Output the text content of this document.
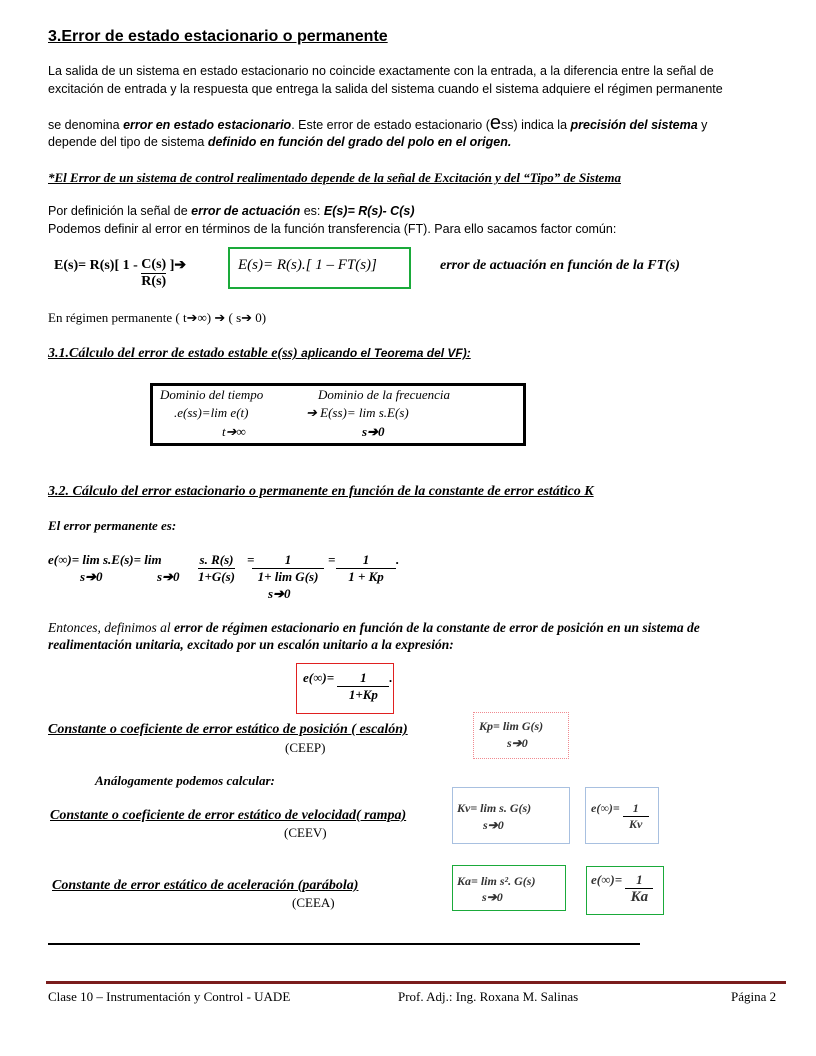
3.Error de estado estacionario o permanente
La salida de un sistema en estado estacionario no coincide exactamente con la entrada, a la diferencia entre la señal de
excitación de entrada y la respuesta que entrega la salida del sistema cuando el sistema adquiere el régimen permanente
se denomina error en estado estacionario. Este error de estado estacionario (ess) indica la precisión del sistema y
depende del tipo de sistema definido en función del grado del polo en el origen.
*El Error de un sistema de control realimentado depende de la señal de Excitación y del “Tipo” de Sistema
Por definición la señal de error de actuación es: E(s)= R(s)- C(s)
Podemos definir al error en términos de la función transferencia (FT). Para ello sacamos factor común:
E(s)= R(s)[ $1 - \frac{C(s)}{R(s)}$ ]➔	E(s)= R(s).[ 1 – FT(s)]	error de actuación en función de la FT(s)
En régimen permanente ( t➔∞) ➔ ( s➔ 0)
3.1.Cálculo del error de estado estable e(ss) aplicando el Teorema del VF):
Dominio del tiempo	Dominio de la frecuencia
.e(ss)=lim e(t)	➔ E(ss)= lim s.E(s)
t➔∞	s➔0
3.2. Cálculo del error estacionario o permanente en función de la constante de error estático K
El error permanente es:
e(∞)= lim s.E(s)= lim
s➔0	s➔0 $\frac{s. R(s)}{1+G(s)}$ =
$\frac{1}{\text{1+ lim G(s)}}$
s➔0
= $\frac{1}{1 + Kp}$.
Entonces, definimos al error de régimen estacionario en función de la constante de error de posición en un sistema de
realimentación unitaria, excitado por un escalón unitario a la expresión:
$e(\infty)= \frac{1}{1+Kp}$.
Constante o coeficiente de error estático de posición ( escalón)
(CEEP)
Kp= lim G(s)
s➔0
Análogamente podemos calcular:
Constante o coeficiente de error estático de velocidad( rampa)
(CEEV)
Kv= lim s. G(s)
s➔0
$e(\infty)= \frac{1}{Kv}$
Constante de error estático de aceleración (parábola)
(CEEA)
Ka= lim s². G(s)
s➔0
$e(\infty)= \frac{1}{Ka}$
Clase 10 – Instrumentación y Control - UADE	Prof. Adj.: Ing. Roxana M. Salinas	Página 2
